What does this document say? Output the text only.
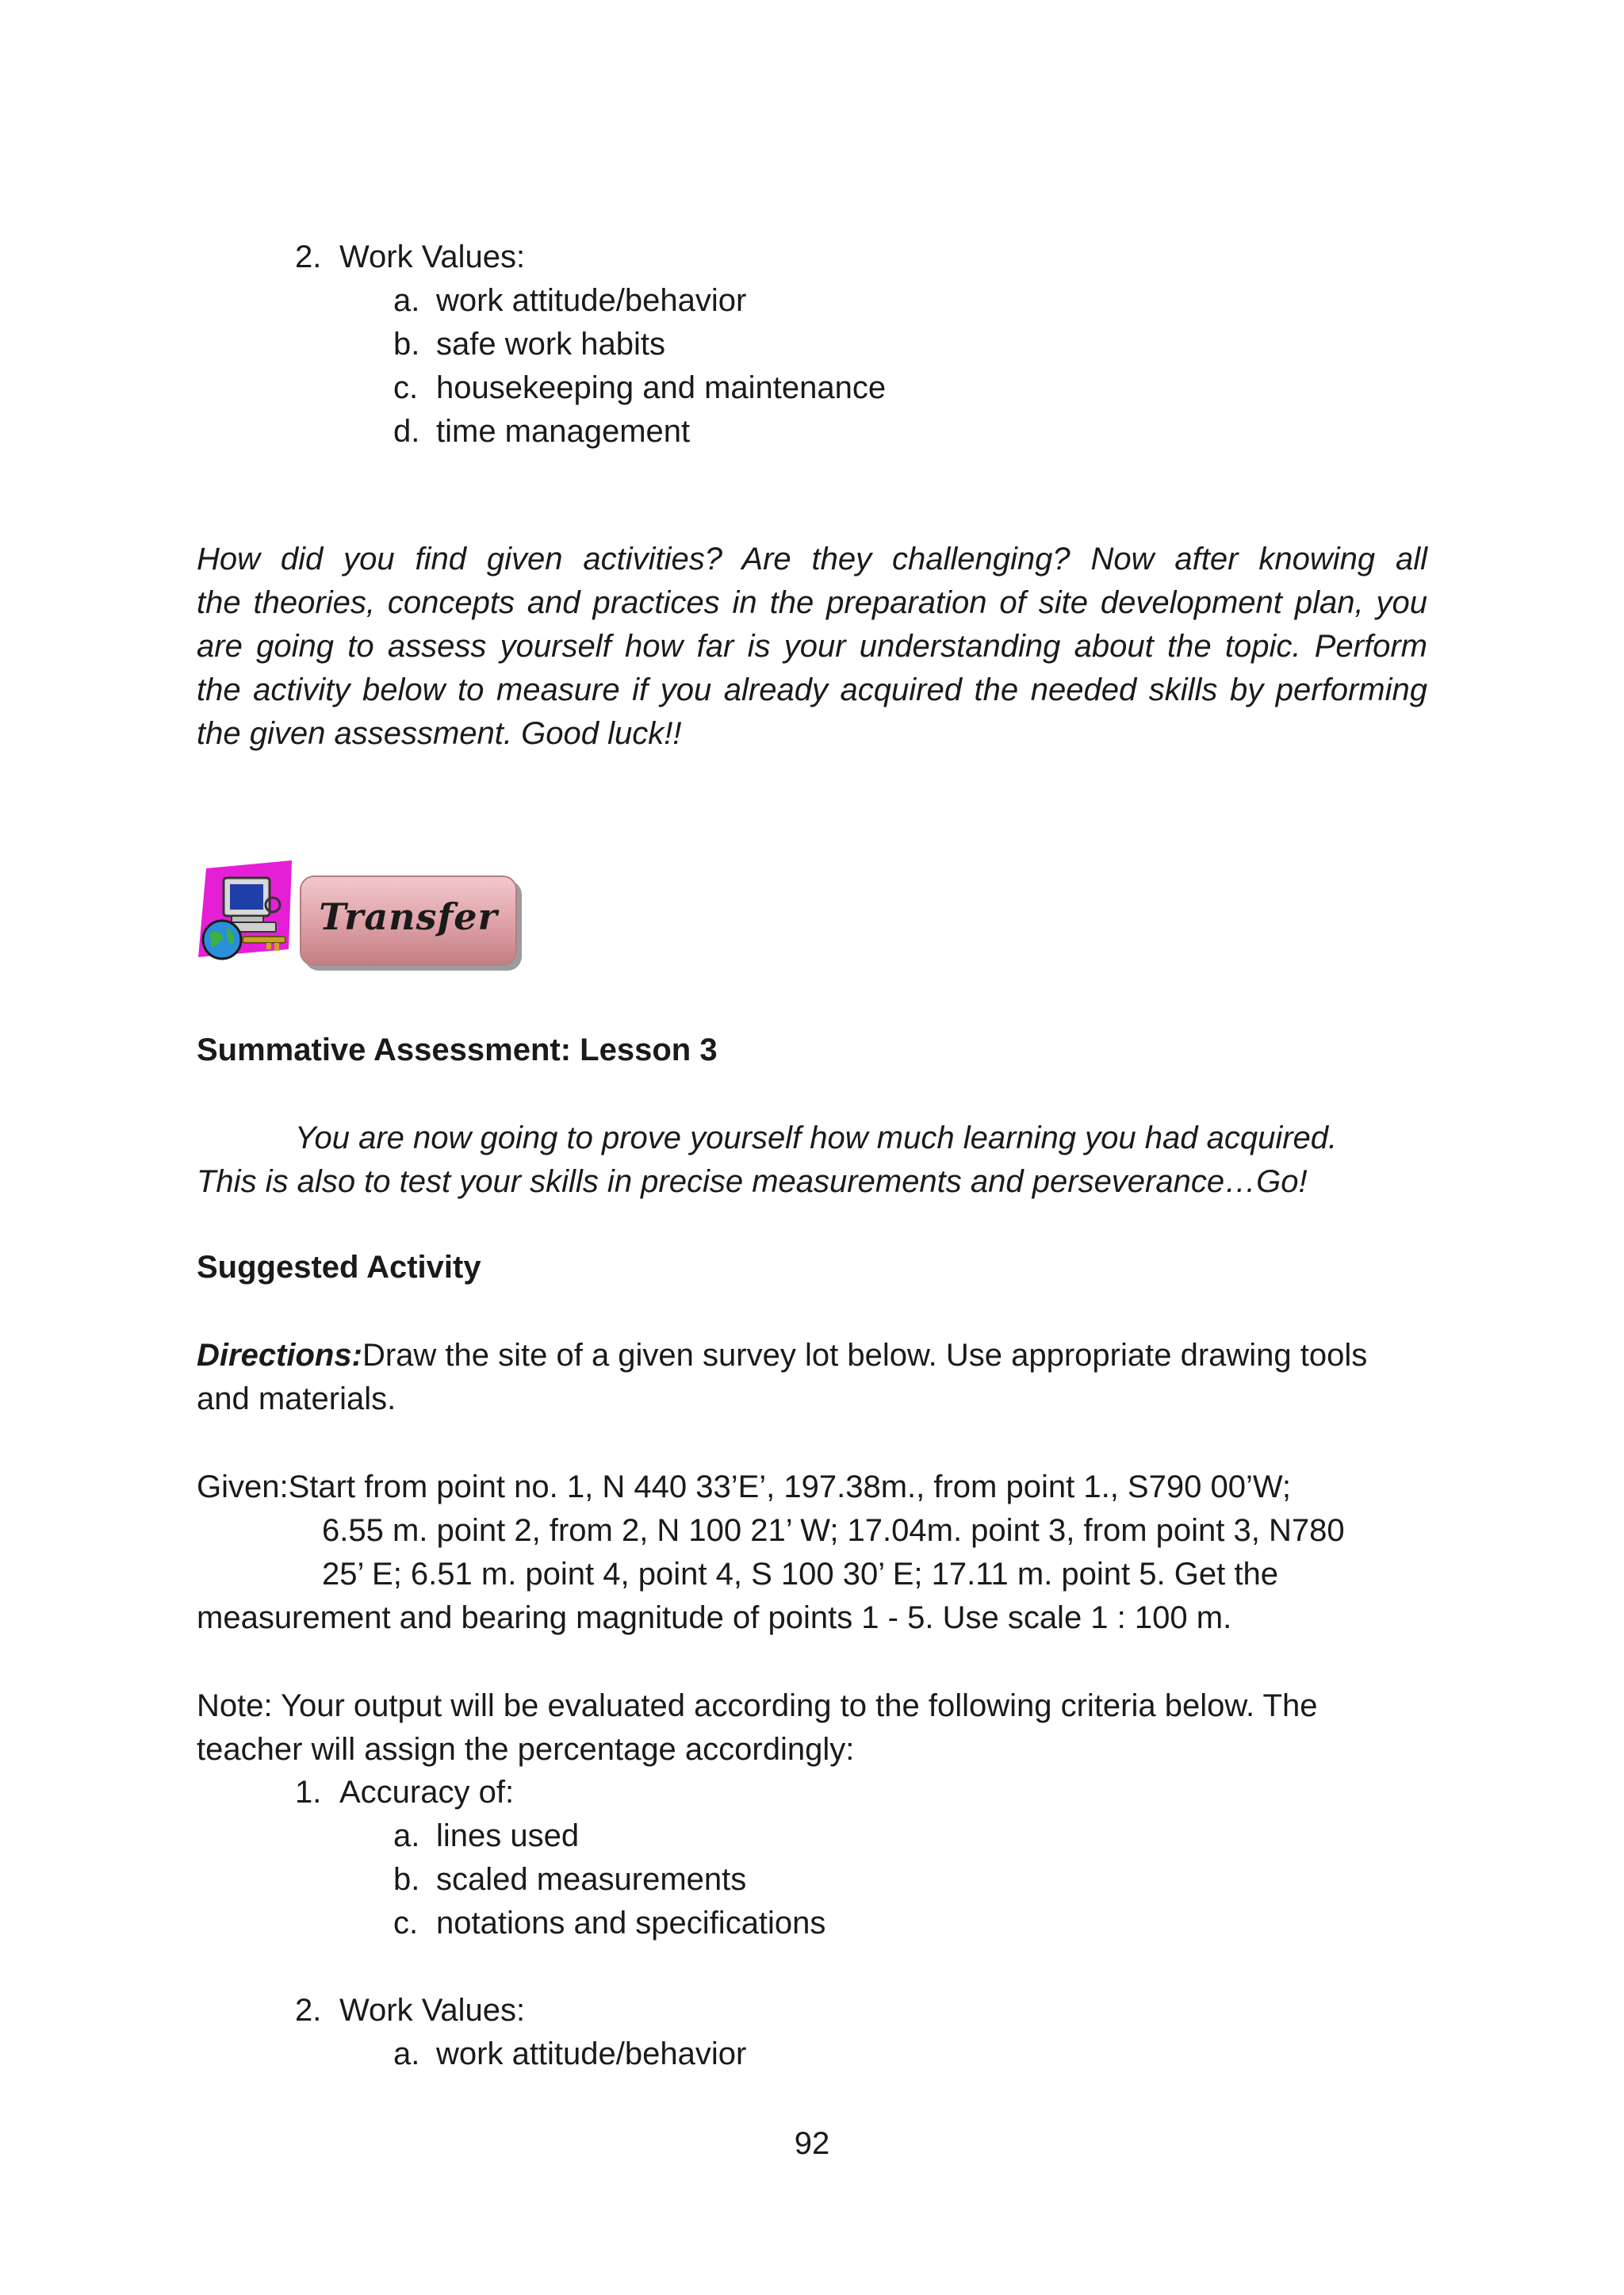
2. Work Values:
a. work attitude/behavior
b. safe work habits
c. housekeeping and maintenance
d. time management
How did you find given activities? Are they challenging? Now after knowing all
the theories, concepts and practices in the preparation of site development plan, you
are going to assess yourself how far is your understanding about the topic. Perform
the activity below to measure if you already acquired the needed skills by performing
the given assessment. Good luck!!
Transfer
Summative Assessment: Lesson 3
You are now going to prove yourself how much learning you had acquired.
This is also to test your skills in precise measurements and perseverance…Go!
Suggested Activity
Directions:Draw the site of a given survey lot below. Use appropriate drawing tools
and materials.
Given:Start from point no. 1, N 440 33’E’, 197.38m., from point 1., S790 00’W;
6.55 m. point 2, from 2, N 100 21’ W; 17.04m. point 3, from point 3, N780
25’ E; 6.51 m. point 4, point 4, S 100 30’ E; 17.11 m. point 5. Get the
measurement and bearing magnitude of points 1 - 5. Use scale 1 : 100 m.
Note: Your output will be evaluated according to the following criteria below. The
teacher will assign the percentage accordingly:
1. Accuracy of:
a. lines used
b. scaled measurements
c. notations and specifications
2. Work Values:
a. work attitude/behavior
92
